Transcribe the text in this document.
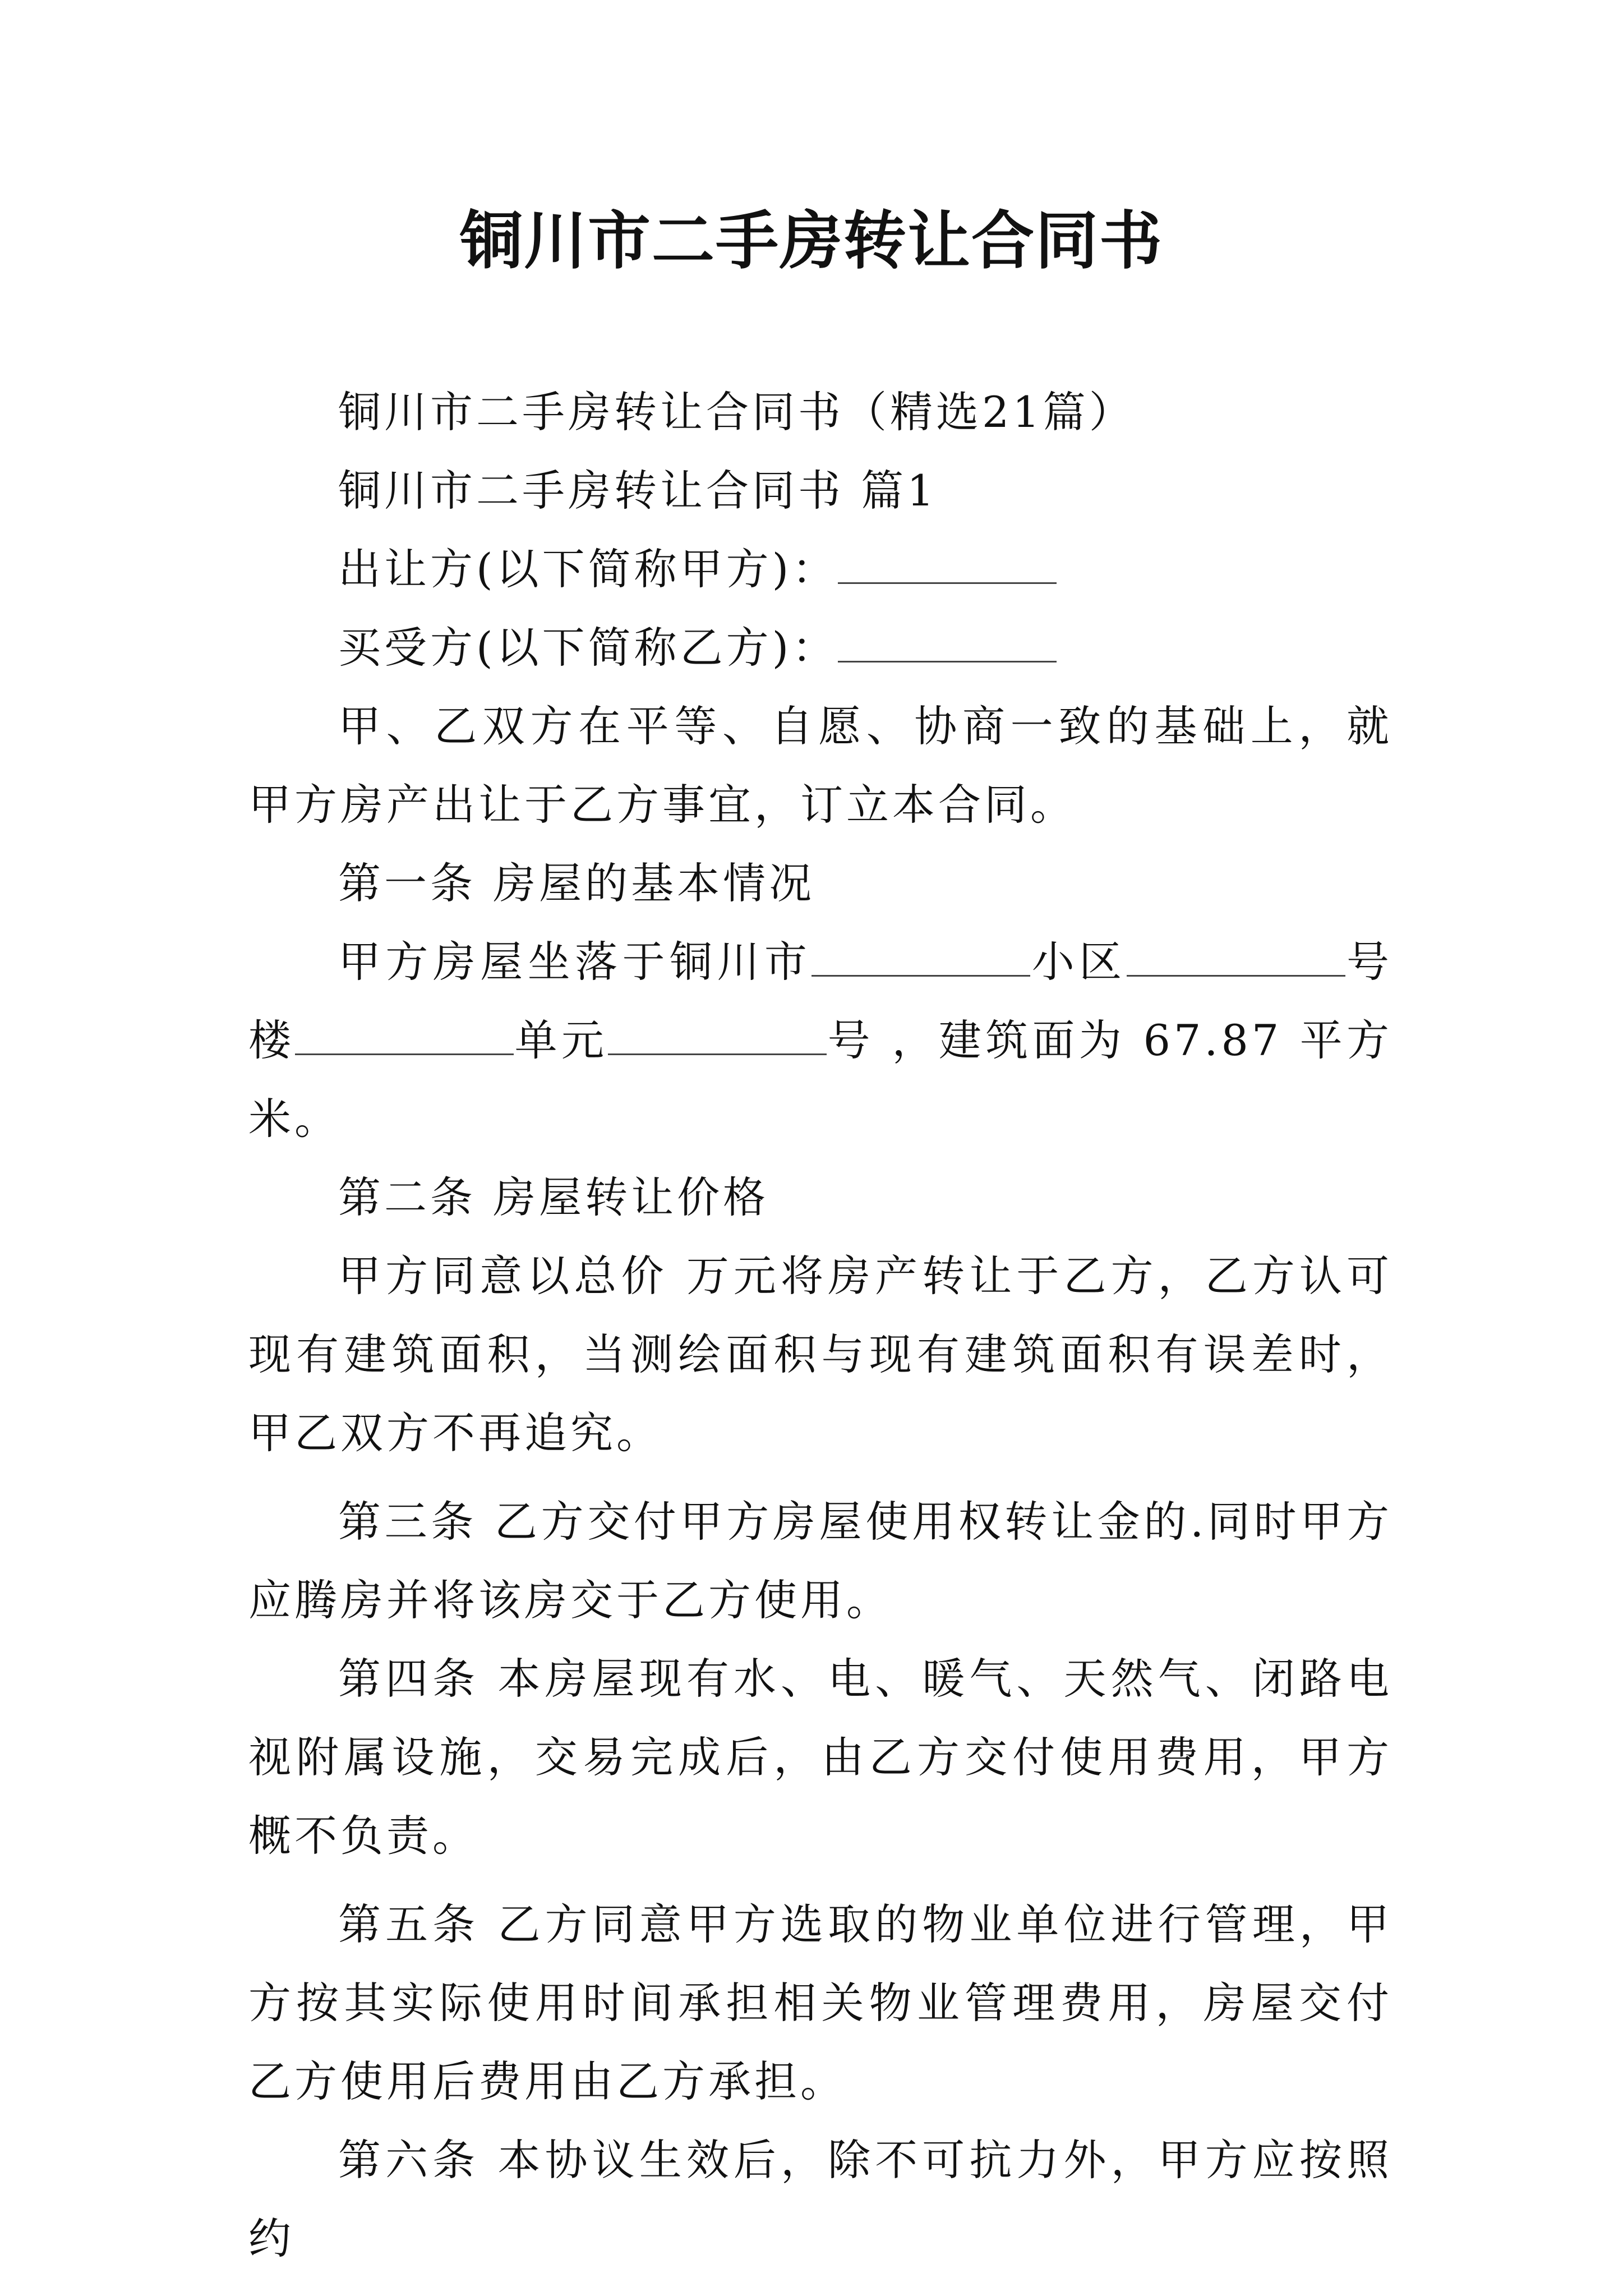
铜川市二手房转让合同书

铜川市二手房转让合同书（精选21篇）

铜川市二手房转让合同书 篇1

出让方(以下简称甲方)：

买受方(以下简称乙方)：

甲、乙双方在平等、自愿、协商一致的基础上，就甲方房产出让于乙方事宜，订立本合同。

第一条 房屋的基本情况

甲方房屋坐落于铜川市	小区	号楼	单元	号 ，建筑面为 67.87 平方米。

第二条 房屋转让价格

甲方同意以总价 万元将房产转让于乙方，乙方认可现有建筑面积，当测绘面积与现有建筑面积有误差时，甲乙双方不再追究。

第三条 乙方交付甲方房屋使用权转让金的.同时甲方应腾房并将该房交于乙方使用。

第四条 本房屋现有水、电、暖气、天然气、闭路电视附属设施，交易完成后，由乙方交付使用费用，甲方概不负责。

第五条 乙方同意甲方选取的物业单位进行管理，甲方按其实际使用时间承担相关物业管理费用，房屋交付乙方使用后费用由乙方承担。

第六条 本协议生效后，除不可抗力外，甲方应按照约
